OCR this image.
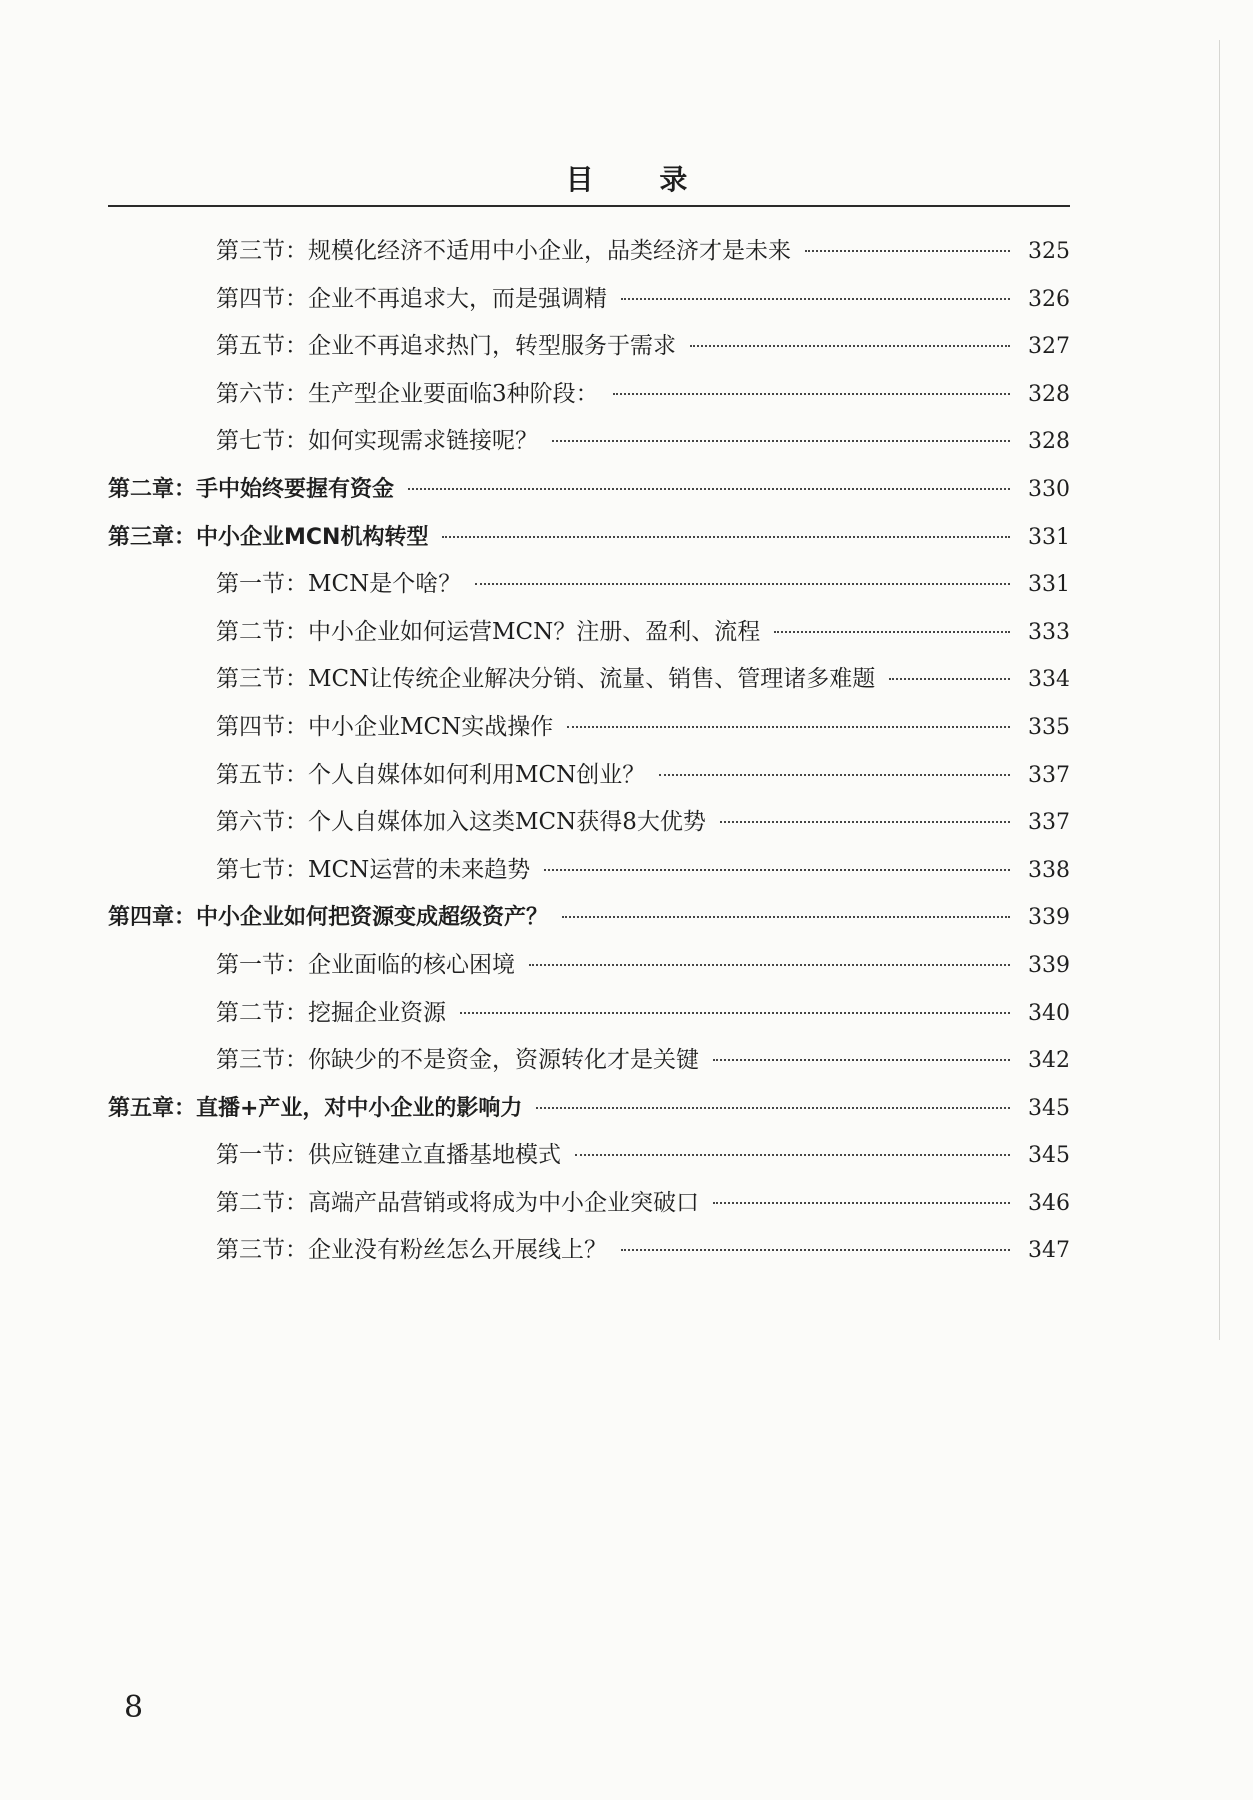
目 录
第三节：规模化经济不适用中小企业，品类经济才是未来	325
第四节：企业不再追求大，而是强调精	326
第五节：企业不再追求热门，转型服务于需求	327
第六节：生产型企业要面临3种阶段：	328
第七节：如何实现需求链接呢？	328
第二章：手中始终要握有资金	330
第三章：中小企业MCN机构转型	331
第一节：MCN是个啥？	331
第二节：中小企业如何运营MCN？注册、盈利、流程	333
第三节：MCN让传统企业解决分销、流量、销售、管理诸多难题	334
第四节：中小企业MCN实战操作	335
第五节：个人自媒体如何利用MCN创业？	337
第六节：个人自媒体加入这类MCN获得8大优势	337
第七节：MCN运营的未来趋势	338
第四章：中小企业如何把资源变成超级资产？	339
第一节：企业面临的核心困境	339
第二节：挖掘企业资源	340
第三节：你缺少的不是资金，资源转化才是关键	342
第五章：直播+产业，对中小企业的影响力	345
第一节：供应链建立直播基地模式	345
第二节：高端产品营销或将成为中小企业突破口	346
第三节：企业没有粉丝怎么开展线上？	347
8
